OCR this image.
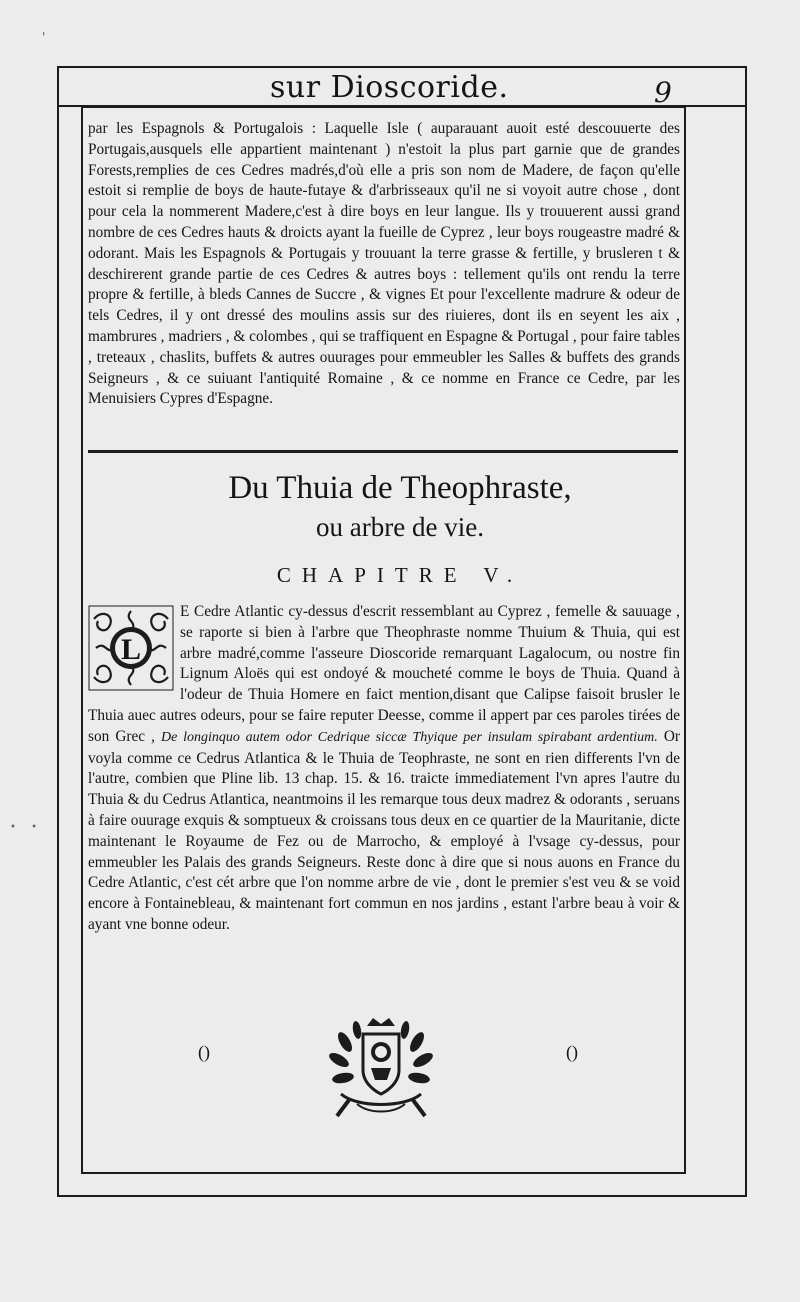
'
• •
sur Dioscoride.	9

par les Espagnols & Portugalois : Laquelle Isle ( auparauant auoit esté descouuerte des Portugais,ausquels elle appartient maintenant ) n'estoit la plus part garnie que de grandes Forests,remplies de ces Cedres madrés,d'où elle a pris son nom de Madere, de façon qu'elle estoit si remplie de boys de haute-futaye & d'arbrisseaux qu'il ne si voyoit autre chose , dont pour cela la nommerent Madere,c'est à dire boys en leur langue. Ils y trouuerent aussi grand nombre de ces Cedres hauts & droicts ayant la fueille de Cyprez , leur boys rougeastre madré & odorant. Mais les Espagnols & Portugais y trouuant la terre grasse & fertille, y brusleren t & deschirerent grande partie de ces Cedres & autres boys : tellement qu'ils ont rendu la terre propre & fertille, à bleds Cannes de Succre , & vignes Et pour l'excellente madrure & odeur de tels Cedres, il y ont dressé des moulins assis sur des riuieres, dont ils en seyent les aix , mambrures , madriers , & colombes , qui se traffiquent en Espagne & Portugal , pour faire tables , treteaux , chaslits, buffets & autres ouurages pour emmeubler les Salles & buffets des grands Seigneurs , & ce suiuant l'antiquité Romaine , & ce nomme en France ce Cedre, par les Menuisiers Cypres d'Espagne.

Du Thuia de Theophraste,
ou arbre de vie.
CHAPITRE V.
L

E Cedre Atlantic cy-dessus d'escrit ressemblant au Cyprez , femelle & sauuage , se raporte si bien à l'arbre que Theophraste nomme Thuium & Thuia, qui est arbre madré,comme l'asseure Dioscoride remarquant Lagalocum, ou nostre fin Lignum Aloës qui est ondoyé & moucheté comme le boys de Thuia. Quand à l'odeur de Thuia Homere en faict mention,disant que Calipse faisoit brusler le Thuia auec autres odeurs, pour se faire reputer Deesse, comme il appert par ces paroles tirées de son Grec , De longinquo autem odor Cedrique siccæ Thyique per insulam spirabant ardentium. Or voyla comme ce Cedrus Atlantica & le Thuia de Teophraste, ne sont en rien differents l'vn de l'autre, combien que Pline lib. 13 chap. 15. & 16. traicte immediatement l'vn apres l'autre du Thuia & du Cedrus Atlantica, neantmoins il les remarque tous deux madrez & odorants , seruans à faire ouurage exquis & somptueux & croissans tous deux en ce quartier de la Mauritanie, dicte maintenant le Royaume de Fez ou de Marrocho, & employé à l'vsage cy-dessus, pour emmeubler les Palais des grands Seigneurs. Reste donc à dire que si nous auons en France du Cedre Atlantic, c'est cét arbre que l'on nomme arbre de vie , dont le premier s'est veu & se void encore à Fontainebleau, & maintenant fort commun en nos jardins , estant l'arbre beau à voir & ayant vne bonne odeur.

()	()
